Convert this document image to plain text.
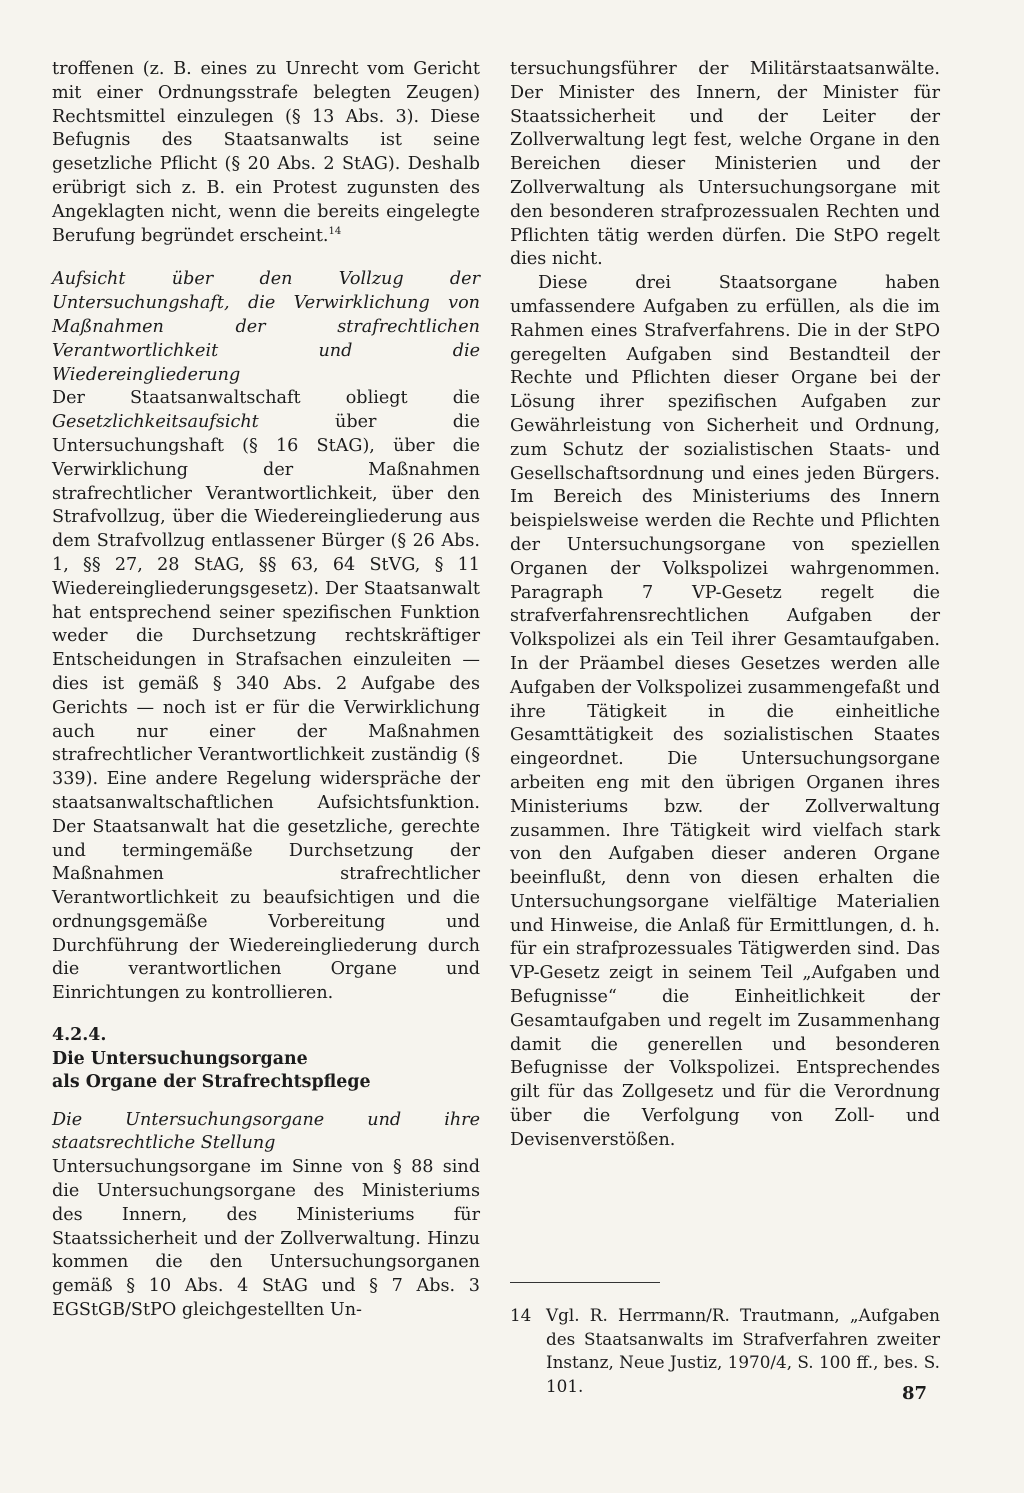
troffenen (z. B. eines zu Unrecht vom Gericht mit einer Ordnungsstrafe belegten Zeugen) Rechtsmittel einzulegen (§ 13 Abs. 3). Diese Befugnis des Staatsanwalts ist seine gesetzliche Pflicht (§ 20 Abs. 2 StAG). Deshalb erübrigt sich z. B. ein Protest zugunsten des Angeklagten nicht, wenn die bereits eingelegte Berufung begründet erscheint.$^{14}$

Aufsicht über den Vollzug der Untersuchungshaft, die Verwirklichung von Maßnahmen der strafrechtlichen Verantwortlichkeit und die Wiedereingliederung

Der Staatsanwaltschaft obliegt die Gesetzlichkeitsaufsicht über die Untersuchungshaft (§ 16 StAG), über die Verwirklichung der Maßnahmen strafrechtlicher Verantwortlichkeit, über den Strafvollzug, über die Wiedereingliederung aus dem Strafvollzug entlassener Bürger (§ 26 Abs. 1, §§ 27, 28 StAG, §§ 63, 64 StVG, § 11 Wiedereingliederungsgesetz). Der Staatsanwalt hat entsprechend seiner spezifischen Funktion weder die Durchsetzung rechtskräftiger Entscheidungen in Strafsachen einzuleiten — dies ist gemäß § 340 Abs. 2 Aufgabe des Gerichts — noch ist er für die Verwirklichung auch nur einer der Maßnahmen strafrechtlicher Verantwortlichkeit zuständig (§ 339). Eine andere Regelung widerspräche der staatsanwaltschaftlichen Aufsichtsfunktion. Der Staatsanwalt hat die gesetzliche, gerechte und termingemäße Durchsetzung der Maßnahmen strafrechtlicher Verantwortlichkeit zu beaufsichtigen und die ordnungsgemäße Vorbereitung und Durchführung der Wiedereingliederung durch die verantwortlichen Organe und Einrichtungen zu kontrollieren.

4.2.4.

Die Untersuchungsorgane

als Organe der Strafrechtspflege

Die Untersuchungsorgane und ihre staatsrechtliche Stellung

Untersuchungsorgane im Sinne von § 88 sind die Untersuchungsorgane des Ministeriums des Innern, des Ministeriums für Staatssicherheit und der Zollverwaltung. Hinzu kommen die den Untersuchungsorganen gemäß § 10 Abs. 4 StAG und § 7 Abs. 3 EGStGB/StPO gleichgestellten Un-

tersuchungsführer der Militärstaatsanwälte. Der Minister des Innern, der Minister für Staatssicherheit und der Leiter der Zollverwaltung legt fest, welche Organe in den Bereichen dieser Ministerien und der Zollverwaltung als Untersuchungsorgane mit den besonderen strafprozessualen Rechten und Pflichten tätig werden dürfen. Die StPO regelt dies nicht.

Diese drei Staatsorgane haben umfassendere Aufgaben zu erfüllen, als die im Rahmen eines Strafverfahrens. Die in der StPO geregelten Aufgaben sind Bestandteil der Rechte und Pflichten dieser Organe bei der Lösung ihrer spezifischen Aufgaben zur Gewährleistung von Sicherheit und Ordnung, zum Schutz der sozialistischen Staats- und Gesellschaftsordnung und eines jeden Bürgers. Im Bereich des Ministeriums des Innern beispielsweise werden die Rechte und Pflichten der Untersuchungsorgane von speziellen Organen der Volkspolizei wahrgenommen. Paragraph 7 VP-Gesetz regelt die strafverfahrensrechtlichen Aufgaben der Volkspolizei als ein Teil ihrer Gesamtaufgaben. In der Präambel dieses Gesetzes werden alle Aufgaben der Volkspolizei zusammengefaßt und ihre Tätigkeit in die einheitliche Gesamttätigkeit des sozialistischen Staates eingeordnet. Die Untersuchungsorgane arbeiten eng mit den übrigen Organen ihres Ministeriums bzw. der Zollverwaltung zusammen. Ihre Tätigkeit wird vielfach stark von den Aufgaben dieser anderen Organe beeinflußt, denn von diesen erhalten die Untersuchungsorgane vielfältige Materialien und Hinweise, die Anlaß für Ermittlungen, d. h. für ein strafprozessuales Tätigwerden sind. Das VP-Gesetz zeigt in seinem Teil „Aufgaben und Befugnisse“ die Einheitlichkeit der Gesamtaufgaben und regelt im Zusammenhang damit die generellen und besonderen Befugnisse der Volkspolizei. Entsprechendes gilt für das Zollgesetz und für die Verordnung über die Verfolgung von Zoll- und Devisenverstößen.

14 Vgl. R. Herrmann/R. Trautmann, „Aufgaben des Staatsanwalts im Strafverfahren zweiter Instanz, Neue Justiz, 1970/4, S. 100 ff., bes. S. 101.	87
